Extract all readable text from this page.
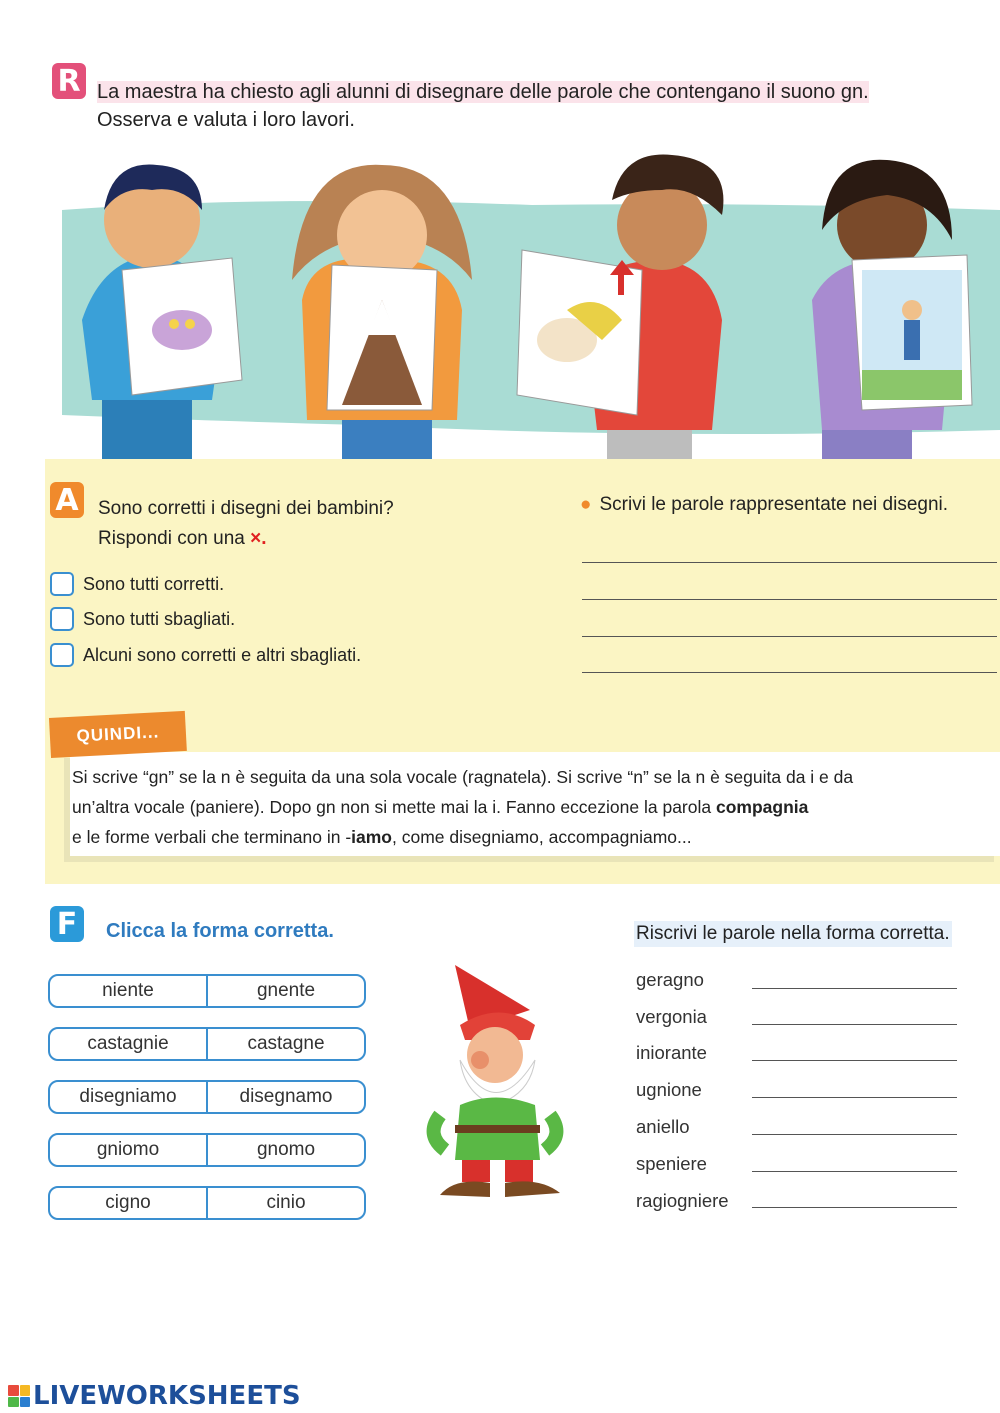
R La maestra ha chiesto agli alunni di disegnare delle parole che contengano il suono gn.
Osserva e valuta i loro lavori.
A Sono corretti i disegni dei bambini?
Rispondi con una ×.
● Scrivi le parole rappresentate nei disegni.
Sono tutti corretti.
Sono tutti sbagliati.
Alcuni sono corretti e altri sbagliati.
QUINDI...
Si scrive “gn” se la n è seguita da una sola vocale (ragnatela). Si scrive “n” se la n è seguita da i e da
un’altra vocale (paniere). Dopo gn non si mette mai la i. Fanno eccezione la parola compagnia
e le forme verbali che terminano in -iamo, come disegniamo, accompagniamo...
F	Clicca la forma corretta.
niente	gnente
castagnie	castagne
disegniamo	disegnamo
gniomo	gnomo
cigno	cinio
Riscrivi le parole nella forma corretta.
geragno
vergonia
iniorante
ugnione
aniello
speniere
ragiogniere
LIVEWORKSHEETS
